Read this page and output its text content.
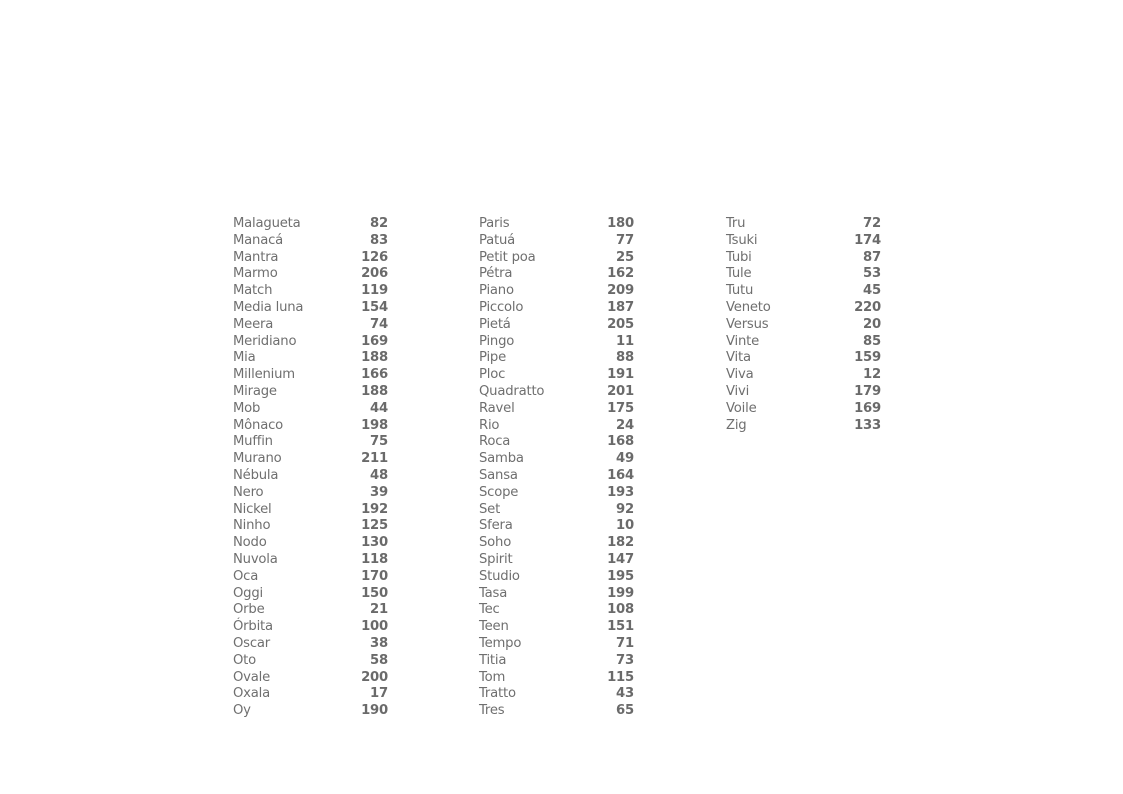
Malagueta	82
Manacá	83
Mantra	126
Marmo	206
Match	119
Media luna	154
Meera	74
Meridiano	169
Mia	188
Millenium	166
Mirage	188
Mob	44
Mônaco	198
Muffin	75
Murano	211
Nébula	48
Nero	39
Nickel	192
Ninho	125
Nodo	130
Nuvola	118
Oca	170
Oggi	150
Orbe	21
Órbita	100
Oscar	38
Oto	58
Ovale	200
Oxala	17
Oy	190
Paris	180
Patuá	77
Petit poa	25
Pétra	162
Piano	209
Piccolo	187
Pietá	205
Pingo	11
Pipe	88
Ploc	191
Quadratto	201
Ravel	175
Rio	24
Roca	168
Samba	49
Sansa	164
Scope	193
Set	92
Sfera	10
Soho	182
Spirit	147
Studio	195
Tasa	199
Tec	108
Teen	151
Tempo	71
Titia	73
Tom	115
Tratto	43
Tres	65
Tru	72
Tsuki	174
Tubi	87
Tule	53
Tutu	45
Veneto	220
Versus	20
Vinte	85
Vita	159
Viva	12
Vivi	179
Voile	169
Zig	133
